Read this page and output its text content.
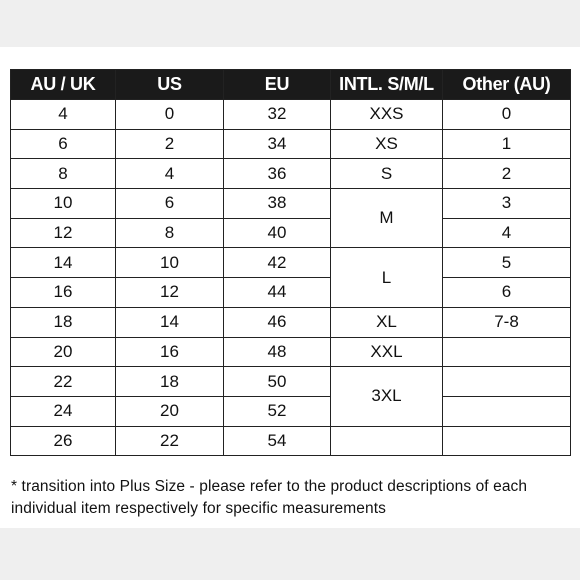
AU / UK	US	EU	INTL. S/M/L	Other (AU)
4	0	32	XXS	0
6	2	34	XS	1
8	4	36	S	2
10	6	38	M	3
12	8	40		4
14	10	42	L	5
16	12	44		6
18	14	46	XL	7-8
20	16	48	XXL	
22	18	50	3XL	
24	20	52		
26	22	54		
* transition into Plus Size - please refer to the product descriptions of each individual item respectively for specific measurements
